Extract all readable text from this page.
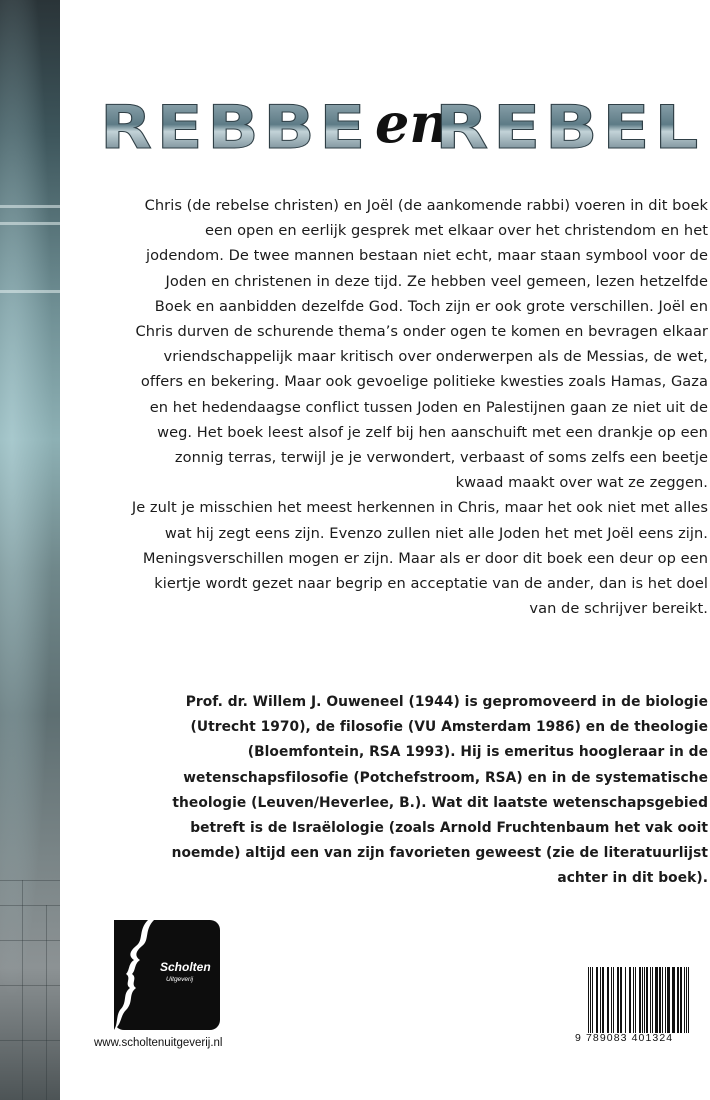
REBBE en
REBEL

Chris (de rebelse christen) en Joël (de aankomende rabbi) voeren in dit boek een open en eerlijk gesprek met elkaar over het christendom en het jodendom. De twee mannen bestaan niet echt, maar staan symbool voor de Joden en christenen in deze tijd. Ze hebben veel gemeen, lezen hetzelfde Boek en aanbidden dezelfde God. Toch zijn er ook grote verschillen. Joël en Chris durven de schurende thema’s onder ogen te komen en bevragen elkaar vriendschappelijk maar kritisch over onderwerpen als de Messias, de wet, offers en bekering. Maar ook gevoelige politieke kwesties zoals Hamas, Gaza en het hedendaagse conflict tussen Joden en Palestijnen gaan ze niet uit de weg. Het boek leest alsof je zelf bij hen aanschuift met een drankje op een zonnig terras, terwijl je je verwondert, verbaast of soms zelfs een beetje kwaad maakt over wat ze zeggen.

Je zult je misschien het meest herkennen in Chris, maar het ook niet met alles wat hij zegt eens zijn. Evenzo zullen niet alle Joden het met Joël eens zijn. Meningsverschillen mogen er zijn. Maar als er door dit boek een deur op een kiertje wordt gezet naar begrip en acceptatie van de ander, dan is het doel van de schrijver bereikt.

Prof. dr. Willem J. Ouweneel (1944) is gepromoveerd in de biologie (Utrecht 1970), de filosofie (VU Amsterdam 1986) en de theologie (Bloemfontein, RSA 1993). Hij is emeritus hoogleraar in de wetenschapsfilosofie (Potchefstroom, RSA) en in de systematische theologie (Leuven/Heverlee, B.). Wat dit laatste wetenschapsgebied betreft is de Israëlologie (zoals Arnold Fruchtenbaum het vak ooit noemde) altijd een van zijn favorieten geweest (zie de literatuurlijst achter in dit boek).
Scholten
Uitgeverij
www.scholtenuitgeverij.nl	9 789083 401324
